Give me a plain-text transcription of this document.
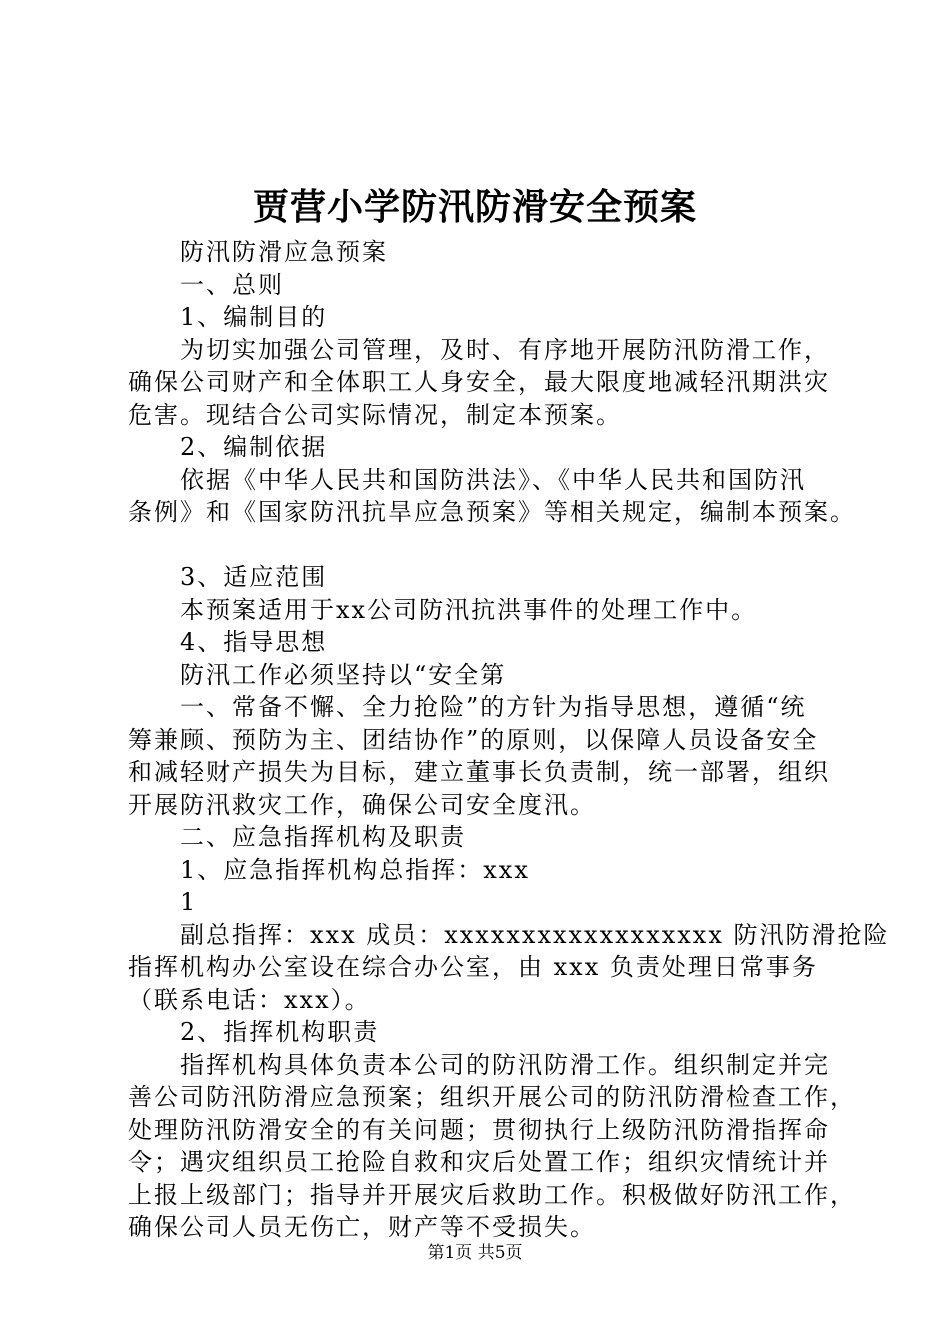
贾营小学防汛防滑安全预案
防汛防滑应急预案
一、总则
1、编制目的
为切实加强公司管理，及时、有序地开展防汛防滑工作，
确保公司财产和全体职工人身安全，最大限度地减轻汛期洪灾
危害。现结合公司实际情况，制定本预案。
2、编制依据
依据《中华人民共和国防洪法》、《中华人民共和国防汛
条例》和《国家防汛抗旱应急预案》等相关规定，编制本预案。
3、适应范围
本预案适用于xx公司防汛抗洪事件的处理工作中。
4、指导思想
防汛工作必须坚持以“安全第
一、常备不懈、全力抢险”的方针为指导思想，遵循“统
筹兼顾、预防为主、团结协作”的原则，以保障人员设备安全
和减轻财产损失为目标，建立董事长负责制，统一部署，组织
开展防汛救灾工作，确保公司安全度汛。
二、应急指挥机构及职责
1、应急指挥机构总指挥：xxx
1
副总指挥：xxx 成员：xxxxxxxxxxxxxxxxxx 防汛防滑抢险
指挥机构办公室设在综合办公室，由 xxx 负责处理日常事务
（联系电话：xxx）。
2、指挥机构职责
指挥机构具体负责本公司的防汛防滑工作。组织制定并完
善公司防汛防滑应急预案；组织开展公司的防汛防滑检查工作，
处理防汛防滑安全的有关问题；贯彻执行上级防汛防滑指挥命
令；遇灾组织员工抢险自救和灾后处置工作；组织灾情统计并
上报上级部门；指导并开展灾后救助工作。积极做好防汛工作，
确保公司人员无伤亡，财产等不受损失。
第1页 共5页
